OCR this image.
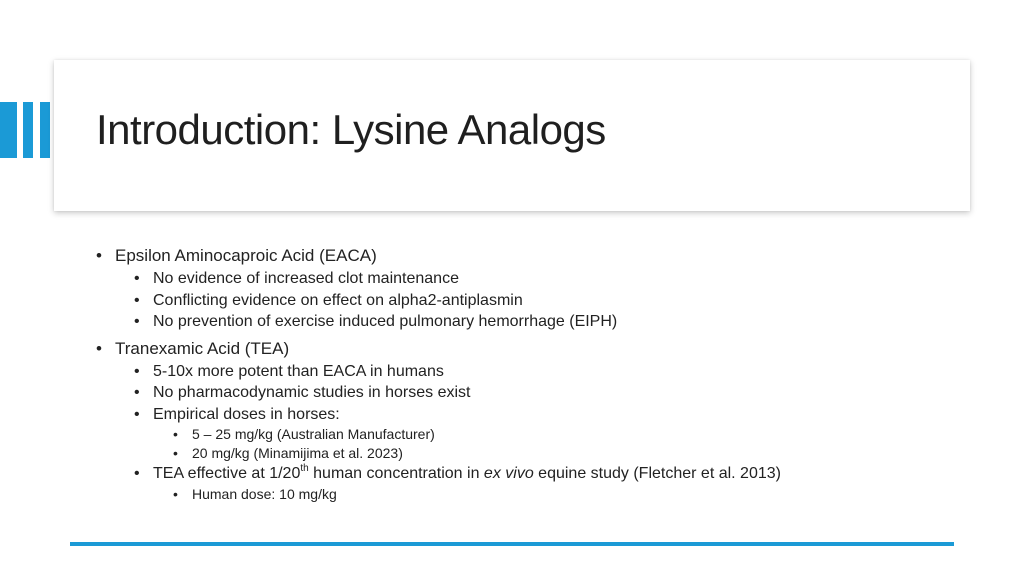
Introduction: Lysine Analogs
• Epsilon Aminocaproic Acid (EACA)
• No evidence of increased clot maintenance
• Conflicting evidence on effect on alpha2-antiplasmin
• No prevention of exercise induced pulmonary hemorrhage (EIPH)
• Tranexamic Acid (TEA)
• 5-10x more potent than EACA in humans
• No pharmacodynamic studies in horses exist
• Empirical doses in horses:
• 5 – 25 mg/kg (Australian Manufacturer)
• 20 mg/kg (Minamijima et al. 2023)
• TEA effective at 1/20th human concentration in ex vivo equine study (Fletcher et al. 2013)
• Human dose: 10 mg/kg
